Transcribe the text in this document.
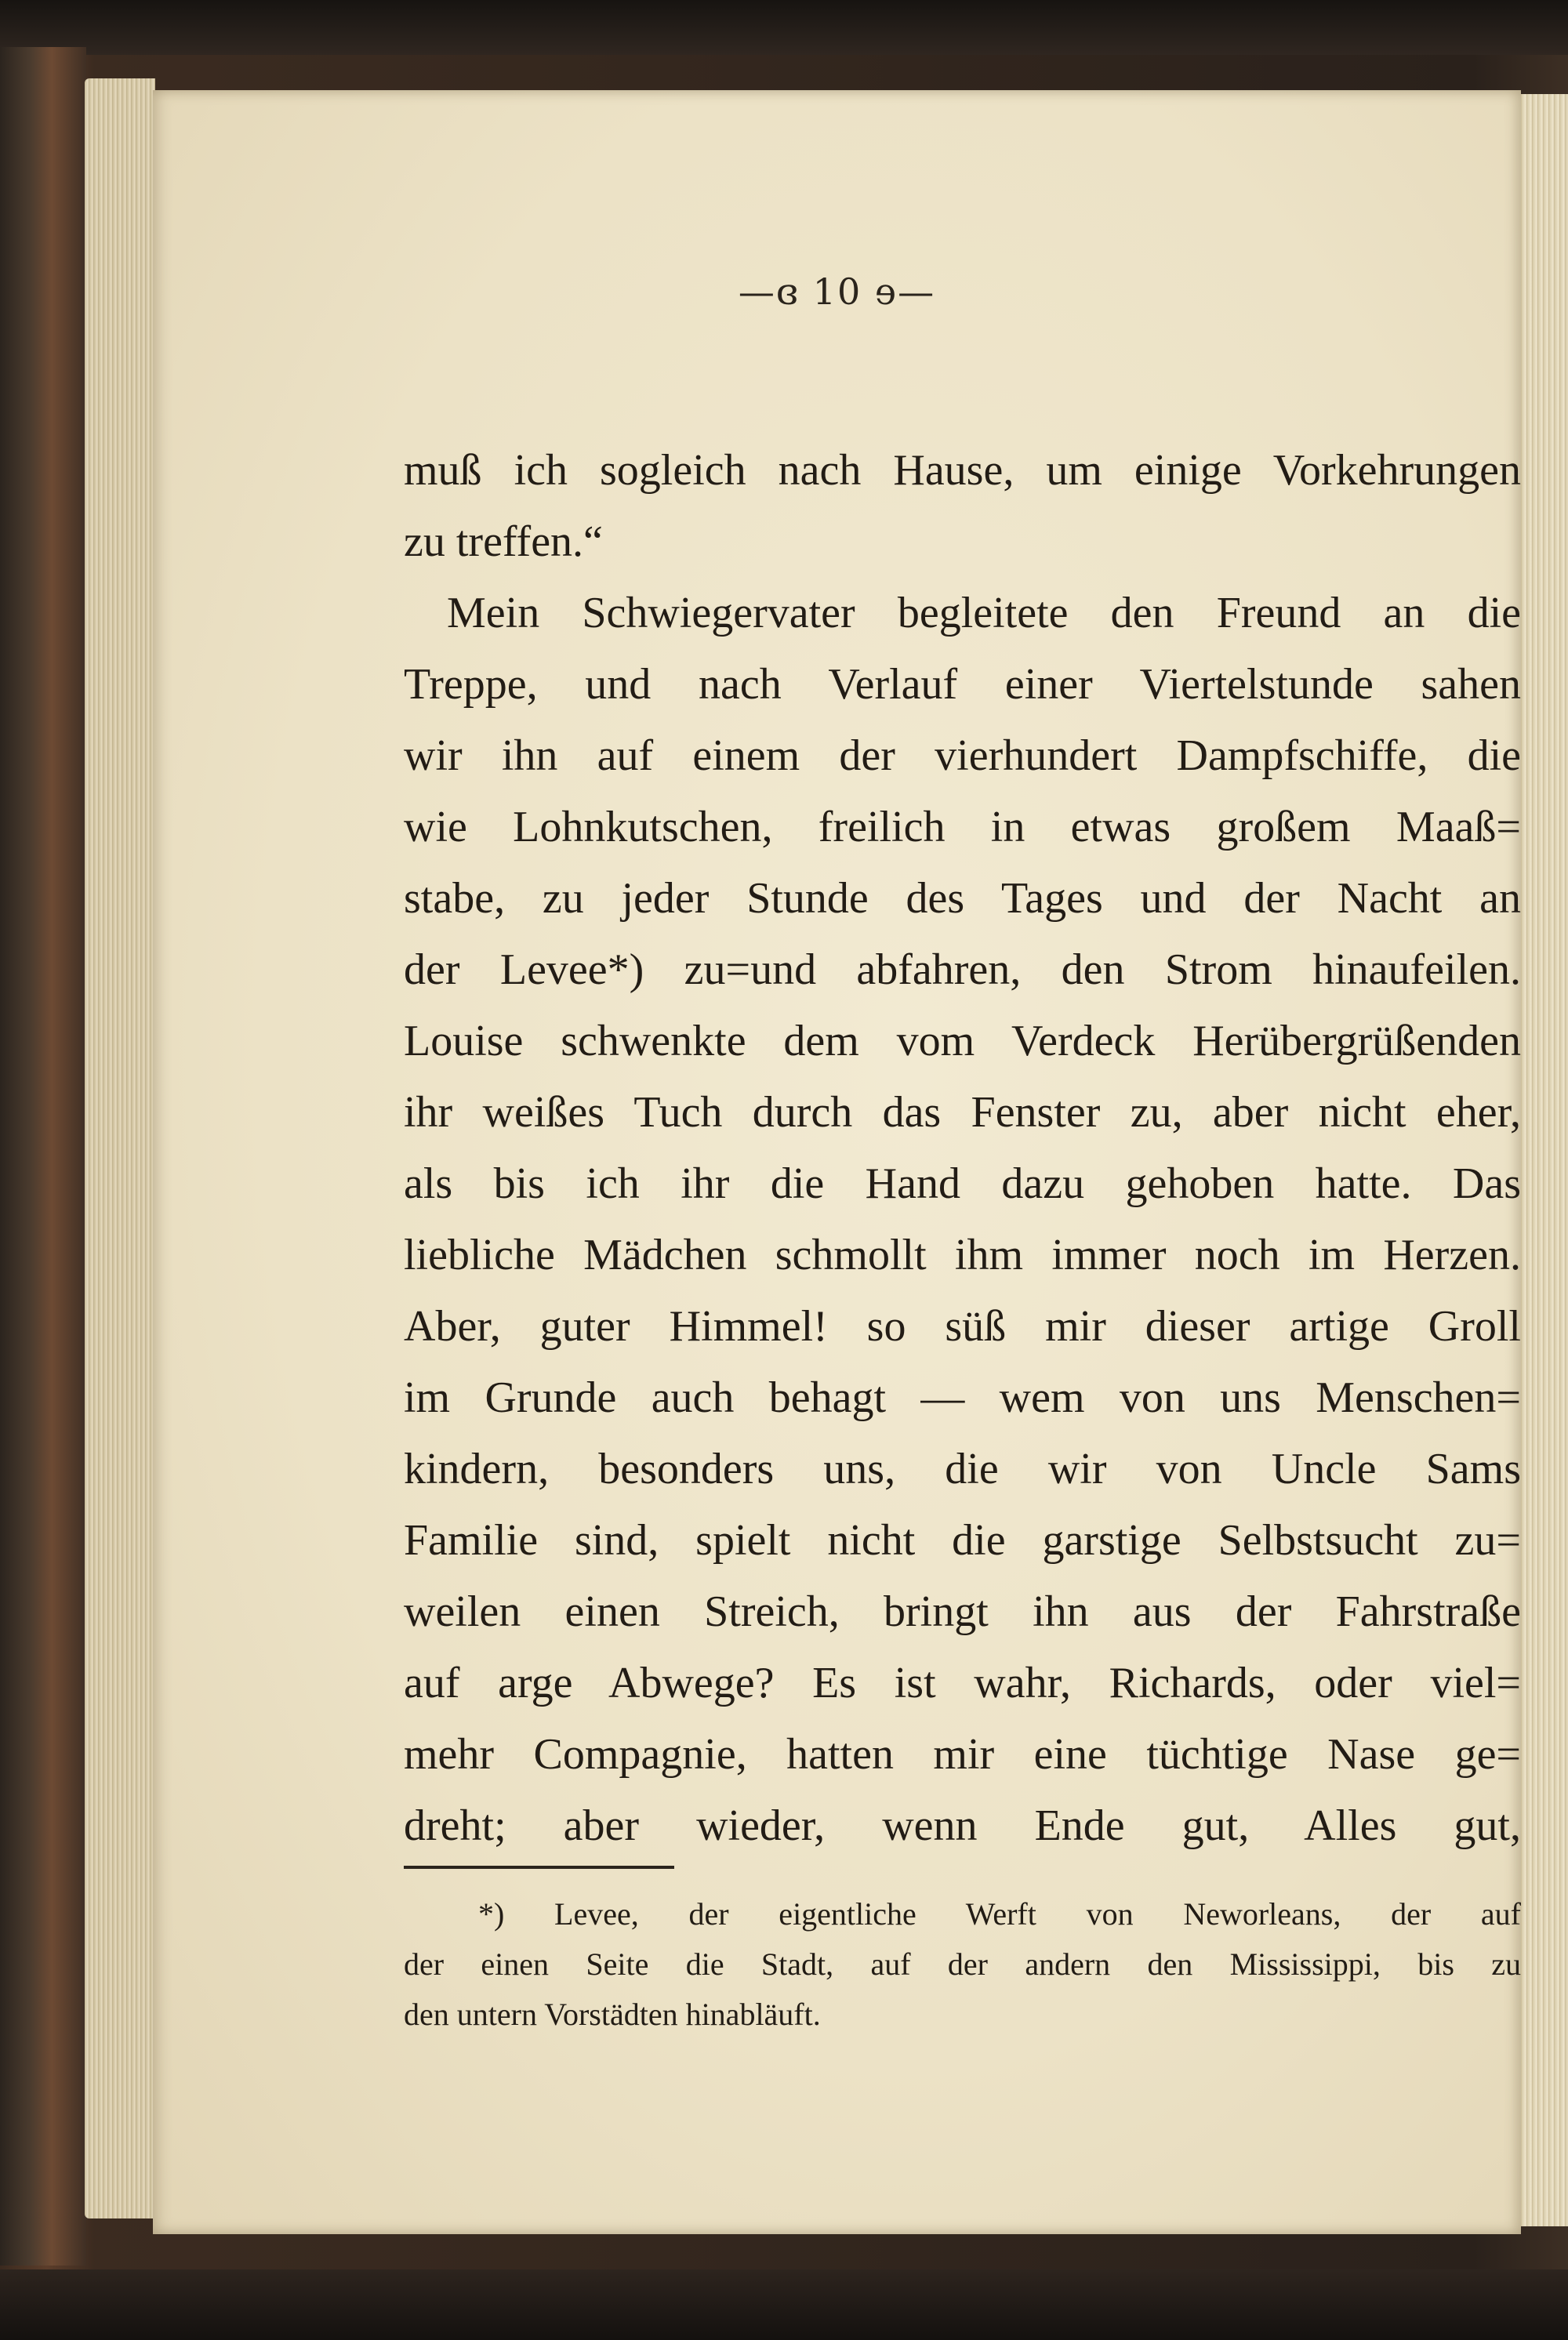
—ɞ 10 ɘ—
muß ich sogleich nach Hause, um einige Vorkehrungen
zu treffen.“
Mein Schwiegervater begleitete den Freund an die
Treppe, und nach Verlauf einer Viertelstunde sahen
wir ihn auf einem der vierhundert Dampfschiffe, die
wie Lohnkutschen, freilich in etwas großem Maaß=
stabe, zu jeder Stunde des Tages und der Nacht an
der Levee*) zu=und abfahren, den Strom hinaufeilen.
Louise schwenkte dem vom Verdeck Herübergrüßenden
ihr weißes Tuch durch das Fenster zu, aber nicht eher,
als bis ich ihr die Hand dazu gehoben hatte. Das
liebliche Mädchen schmollt ihm immer noch im Herzen.
Aber, guter Himmel! so süß mir dieser artige Groll
im Grunde auch behagt — wem von uns Menschen=
kindern, besonders uns, die wir von Uncle Sams
Familie sind, spielt nicht die garstige Selbstsucht zu=
weilen einen Streich, bringt ihn aus der Fahrstraße
auf arge Abwege? Es ist wahr, Richards, oder viel=
mehr Compagnie, hatten mir eine tüchtige Nase ge=
dreht; aber wieder, wenn Ende gut, Alles gut,
*) Levee, der eigentliche Werft von Neworleans, der auf
der einen Seite die Stadt, auf der andern den Mississippi, bis zu
den untern Vorstädten hinabläuft.
